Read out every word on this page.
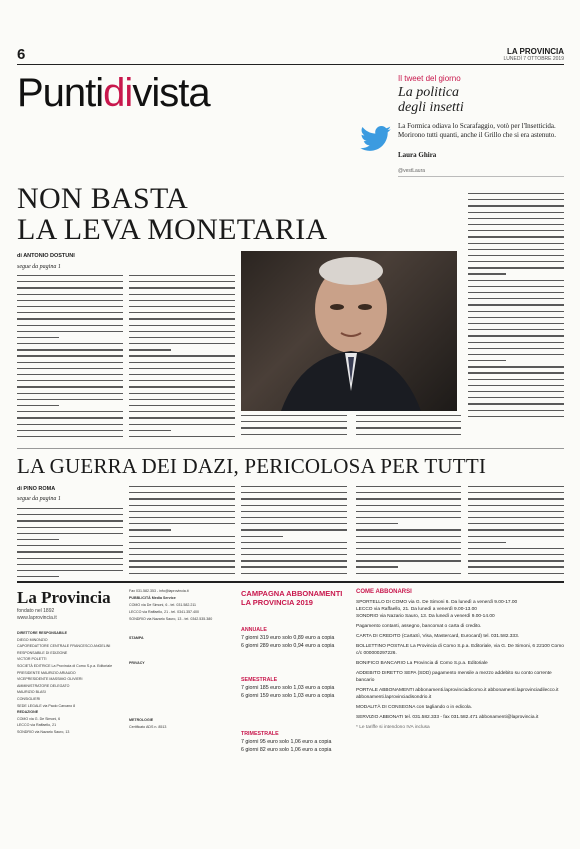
6	LA PROVINCIA
LUNEDÌ 7 OTTOBRE 2019
Puntidivista	Il tweet del giorno
La politica
degli insetti
La Formica odiava lo Scarafaggio, votò per l'Insetticida. Morirono tutti quanti, anche il Grillo che si era astenuto.
Laura Ghira
@vestLaura
NON BASTA
LA LEVA MONETARIA
di ANTONIO DOSTUNI
segue da pagina 1
LA GUERRA DEI DAZI, PERICOLOSA PER TUTTI
di PINO ROMA
segue da pagina 1
La Provincia
fondato nel 1892
www.laprovincia.it
DIRETTORE RESPONSABILE
DIEGO MINONZIO
CAPOREDATTORE CENTRALE FRANCESCO ANGELINI
RESPONSABILE DI EDIZIONE
VICTOR POLETTI
SOCIETÀ EDITRICE La Provincia di Como S.p.a. Editoriale
PRESIDENTE MAURIZIO ARIAUDO
VICEPRESIDENTE MASSIMO OLIVIERI
AMMINISTRATORE DELEGATO
MAURIZIO BLASI
CONSIGLIERI
SEDE LEGALE via Paolo Carcano 8
REDAZIONE
COMO via G. De Simoni, 6
LECCO via Raffaello, 21
SONDRIO via Nazario Sauro, 13
Fax 031.582.353 - info@laprovincia.it
PUBBLICITÀ Media Service
COMO via De Simoni, 6 - tel. 031.582.211
LECCO via Raffaello, 21 - tel. 0341.357.400
SONDRIO via Nazario Sauro, 13 - tel. 0342.535.380
STAMPA
PRIVACY
METROLOGIE
Certificato ADS n. 8513
CAMPAGNA ABBONAMENTI
LA PROVINCIA 2019
ANNUALE
7 giorni 319 euro solo 0,89 euro a copia
6 giorni 289 euro solo 0,94 euro a copia
SEMESTRALE
7 giorni 185 euro solo 1,03 euro a copia
6 giorni 159 euro solo 1,03 euro a copia
TRIMESTRALE
7 giorni 95 euro solo 1,06 euro a copia
6 giorni 82 euro solo 1,06 euro a copia
COME ABBONARSI
SPORTELLO DI COMO via G. De Simoni 6. Da lunedì a venerdì 9.00-17.00
LECCO via Raffaello, 21. Da lunedì a venerdì 9.00-13.00
SONDRIO via Nazario Sauro, 13. Da lunedì a venerdì 9.00-14.00
Pagamento contanti, assegno, bancomat o carta di credito.
CARTA DI CREDITO (CartaSì, Visa, Mastercard, Eurocard) tel. 031.582.333.
BOLLETTINO POSTALE La Provincia di Como S.p.a. Editoriale, via G. De Simoni, 6 22100 Como c/c 000000297226.
BONIFICO BANCARIO La Provincia di Como S.p.a. Editoriale
ADDEBITO DIRETTO SEPA (SDD) pagamento mensile a mezzo addebito su conto corrente bancario
PORTALE ABBONAMENTI abbonamenti.laprovinciadicomo.it abbonamenti.laprovinciadilecco.it abbonamenti.laprovinciadisondrio.it
MODALITÀ DI CONSEGNA con tagliando o in edicola.
SERVIZIO ABBONATI tel. 031.582.333 - fax 031.582.471 abbonamenti@laprovincia.it
* Le tariffe si intendono IVA inclusa
